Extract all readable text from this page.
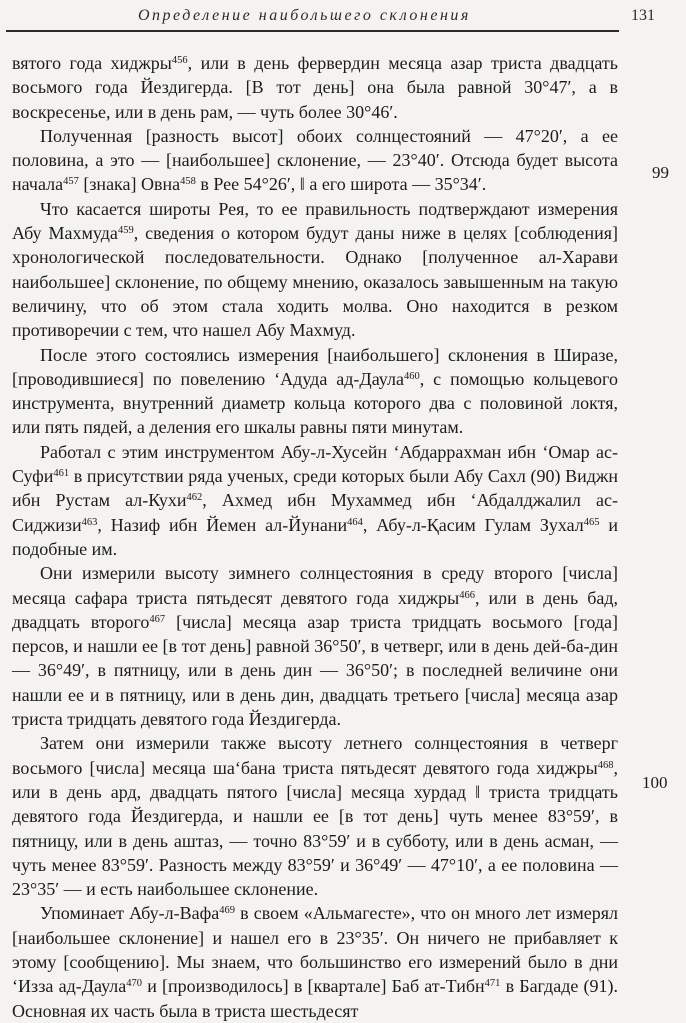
Определение наибольшего склонения	131

вятого года хиджры$^{456}$, или в день фервердин месяца азар триста двадцать восьмого года Йездигерда. [В тот день] она была равной 30°47′, а в воскресенье, или в день рам, — чуть более 30°46′.

Полученная [разность высот] обоих солнцестояний — 47°20′, а ее половина, а это — [наибольшее] склонение, — 23°40′. Отсюда будет высота начала$^{457}$ [знака] Овна$^{458}$ в Рее 54°26′, ‖ а его широта — 35°34′.

Что касается широты Рея, то ее правильность подтверждают измерения Абу Махмуда$^{459}$, сведения о котором будут даны ниже в целях [соблюдения] хронологической последовательности. Однако [полученное ал-Харави наибольшее] склонение, по общему мнению, оказалось завышенным на такую величину, что об этом стала ходить молва. Оно находится в резком противоречии с тем, что нашел Абу Махмуд.

После этого состоялись измерения [наибольшего] склонения в Ширазе, [проводившиеся] по повелению ʻАдуда ад-Даула$^{460}$, с помощью кольцевого инструмента, внутренний диаметр кольца которого два с половиной локтя, или пять пядей, а деления его шкалы равны пяти минутам.

Работал с этим инструментом Абу-л-Хусейн ʻАбдаррахман ибн ʻОмар ас-Суфи$^{461}$ в присутствии ряда ученых, среди которых были Абу Сахл (90) Виджн ибн Рустам ал-Кухи$^{462}$, Ахмед ибн Мухаммед ибн ʻАбдалджалил ас-Сиджизи$^{463}$, Назиф ибн Йемен ал-Йунани$^{464}$, Абу-л-Қасим Гулам Зухал$^{465}$ и подобные им.

Они измерили высоту зимнего солнцестояния в среду второго [числа] месяца сафара триста пятьдесят девятого года хиджры$^{466}$, или в день бад, двадцать второго$^{467}$ [числа] месяца азар триста тридцать восьмого [года] персов, и нашли ее [в тот день] равной 36°50′, в четверг, или в день дей-ба-дин — 36°49′, в пятницу, или в день дин — 36°50′; в последней величине они нашли ее и в пятницу, или в день дин, двадцать третьего [числа] месяца азар триста тридцать девятого года Йездигерда.

Затем они измерили также высоту летнего солнцестояния в четверг восьмого [числа] месяца шаʻбана триста пятьдесят девятого года хиджры$^{468}$, или в день ард, двадцать пятого [числа] месяца хурдад ‖ триста тридцать девятого года Йездигерда, и нашли ее [в тот день] чуть менее 83°59′, в пятницу, или в день аштаз, — точно 83°59′ и в субботу, или в день асман, — чуть менее 83°59′. Разность между 83°59′ и 36°49′ — 47°10′, а ее половина — 23°35′ — и есть наибольшее склонение.

Упоминает Абу-л-Вафа$^{469}$ в своем «Альмагесте», что он много лет измерял [наибольшее склонение] и нашел его в 23°35′. Он ничего не прибавляет к этому [сообщению]. Мы знаем, что большинство его измерений было в дни ʻИзза ад-Даула$^{470}$ и [производилось] в [квартале] Баб ат-Тибн$^{471}$ в Багдаде (91). Основная их часть была в триста шестьдесят

99
100
